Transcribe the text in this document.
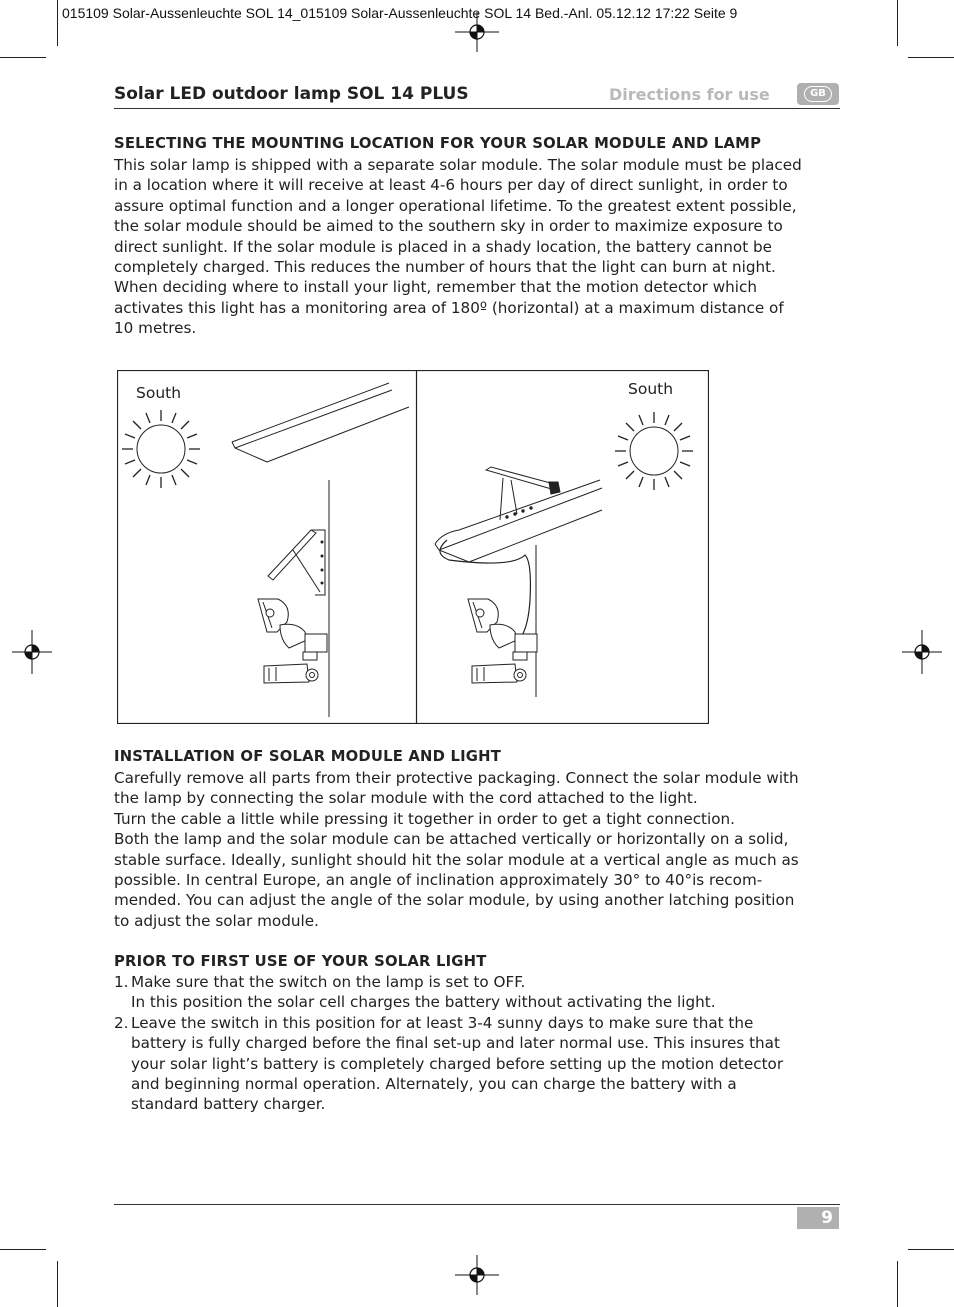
015109 Solar-Aussenleuchte SOL 14_015109 Solar-Aussenleuchte SOL 14 Bed.-Anl. 05.12.12 17:22 Seite 9
Solar LED outdoor lamp SOL 14 PLUS	Directions for use	GB
SELECTING THE MOUNTING LOCATION FOR YOUR SOLAR MODULE AND LAMP
This solar lamp is shipped with a separate solar module. The solar module must be placed
in a location where it will receive at least 4-6 hours per day of direct sunlight, in order to
assure optimal function and a longer operational lifetime. To the greatest extent possible,
the solar module should be aimed to the southern sky in order to maximize exposure to
direct sunlight. If the solar module is placed in a shady location, the battery cannot be
completely charged. This reduces the number of hours that the light can burn at night.
When deciding where to install your light, remember that the motion detector which
activates this light has a monitoring area of 180º (horizontal) at a maximum distance of
10 metres.
South	South
INSTALLATION OF SOLAR MODULE AND LIGHT
Carefully remove all parts from their protective packaging. Connect the solar module with
the lamp by connecting the solar module with the cord attached to the light.
Turn the cable a little while pressing it together in order to get a tight connection.
Both the lamp and the solar module can be attached vertically or horizontally on a solid,
stable surface. Ideally, sunlight should hit the solar module at a vertical angle as much as
possible. In central Europe, an angle of inclination approximately 30° to 40°is recom-
mended. You can adjust the angle of the solar module, by using another latching position
to adjust the solar module.
PRIOR TO FIRST USE OF YOUR SOLAR LIGHT
1. Make sure that the switch on the lamp is set to OFF.
In this position the solar cell charges the battery without activating the light.
2. Leave the switch in this position for at least 3-4 sunny days to make sure that the
battery is fully charged before the final set-up and later normal use. This insures that
your solar light’s battery is completely charged before setting up the motion detector
and beginning normal operation. Alternately, you can charge the battery with a
standard battery charger.
9
